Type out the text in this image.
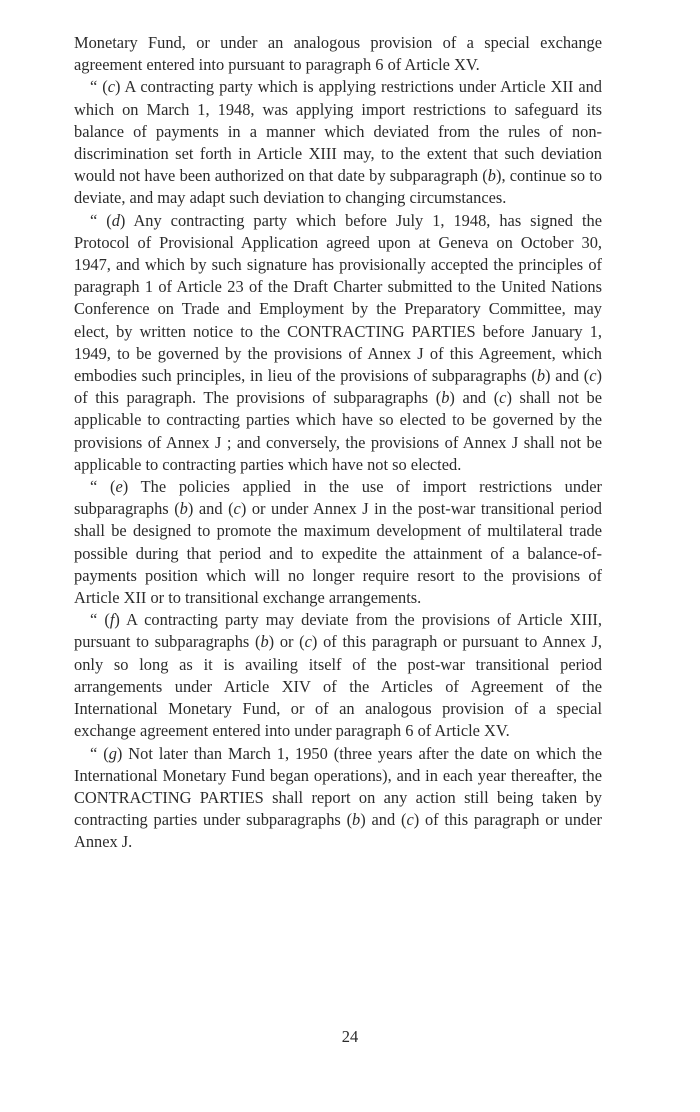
Monetary Fund, or under an analogous provision of a special exchange agreement entered into pursuant to paragraph 6 of Article XV.

“ (c) A contracting party which is applying restrictions under Article XII and which on March 1, 1948, was applying import restrictions to safeguard its balance of payments in a manner which deviated from the rules of non-discrimination set forth in Article XIII may, to the extent that such deviation would not have been authorized on that date by subparagraph (b), continue so to deviate, and may adapt such deviation to changing circumstances.

“ (d) Any contracting party which before July 1, 1948, has signed the Protocol of Provisional Application agreed upon at Geneva on October 30, 1947, and which by such signature has provisionally accepted the principles of paragraph 1 of Article 23 of the Draft Charter submitted to the United Nations Conference on Trade and Employment by the Preparatory Committee, may elect, by written notice to the CONTRACTING PARTIES before January 1, 1949, to be governed by the provisions of Annex J of this Agreement, which embodies such principles, in lieu of the provisions of subparagraphs (b) and (c) of this paragraph. The provisions of subparagraphs (b) and (c) shall not be applicable to contracting parties which have so elected to be governed by the provisions of Annex J ; and conversely, the provisions of Annex J shall not be applicable to contracting parties which have not so elected.

“ (e) The policies applied in the use of import restrictions under subparagraphs (b) and (c) or under Annex J in the post-war transitional period shall be designed to promote the maximum development of multilateral trade possible during that period and to expedite the attainment of a balance-of-payments position which will no longer require resort to the provisions of Article XII or to transitional exchange arrangements.

“ (f) A contracting party may deviate from the provisions of Article XIII, pursuant to subparagraphs (b) or (c) of this paragraph or pursuant to Annex J, only so long as it is availing itself of the post-war transitional period arrangements under Article XIV of the Articles of Agreement of the International Monetary Fund, or of an analogous provision of a special exchange agreement entered into under paragraph 6 of Article XV.

“ (g) Not later than March 1, 1950 (three years after the date on which the International Monetary Fund began operations), and in each year thereafter, the CONTRACTING PARTIES shall report on any action still being taken by contracting parties under subparagraphs (b) and (c) of this paragraph or under Annex J.

24
